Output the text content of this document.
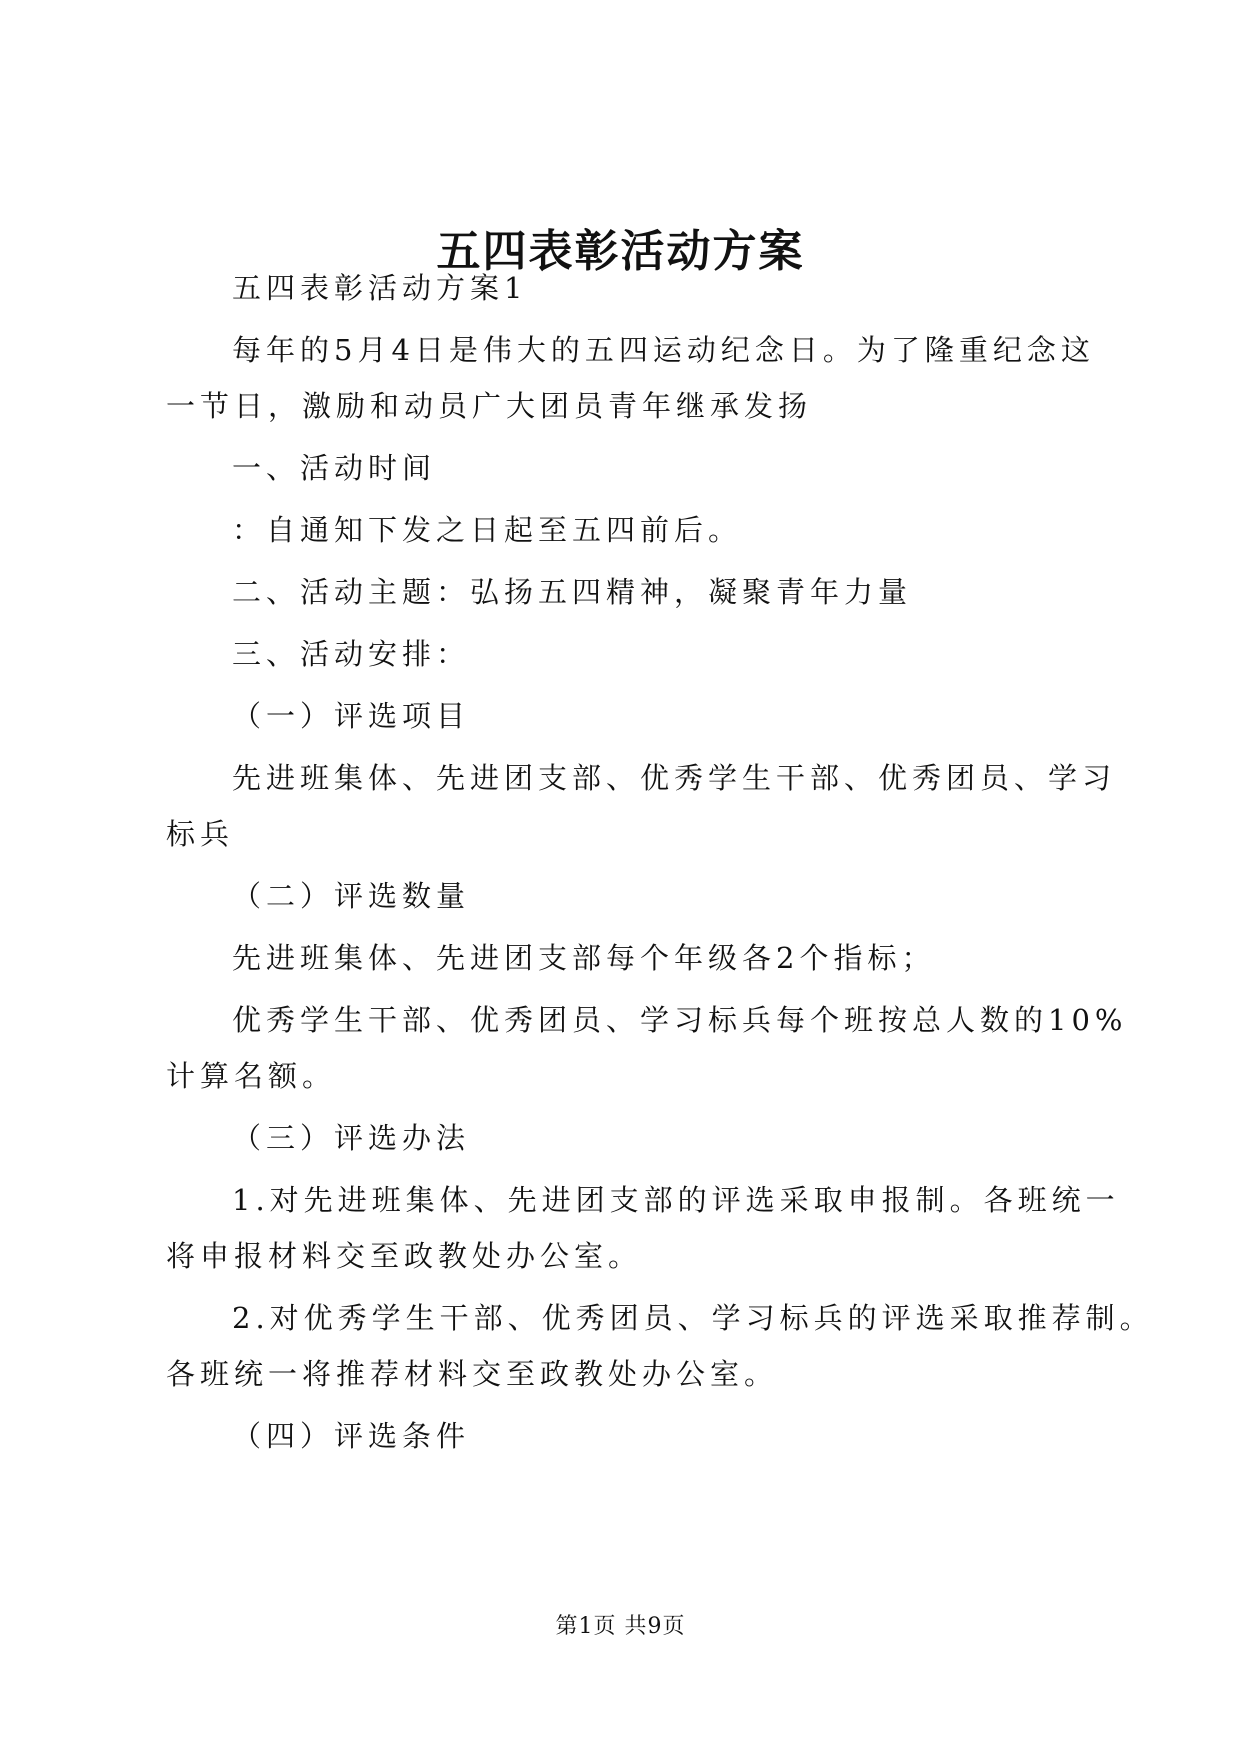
五四表彰活动方案
五四表彰活动方案1
每年的5月4日是伟大的五四运动纪念日。为了隆重纪念这
一节日，激励和动员广大团员青年继承发扬
一、活动时间
：自通知下发之日起至五四前后。
二、活动主题：弘扬五四精神，凝聚青年力量
三、活动安排：
（一）评选项目
先进班集体、先进团支部、优秀学生干部、优秀团员、学习
标兵
（二）评选数量
先进班集体、先进团支部每个年级各2个指标；
优秀学生干部、优秀团员、学习标兵每个班按总人数的10%
计算名额。
（三）评选办法
1.对先进班集体、先进团支部的评选采取申报制。各班统一
将申报材料交至政教处办公室。
2.对优秀学生干部、优秀团员、学习标兵的评选采取推荐制。
各班统一将推荐材料交至政教处办公室。
（四）评选条件
第1页 共9页
